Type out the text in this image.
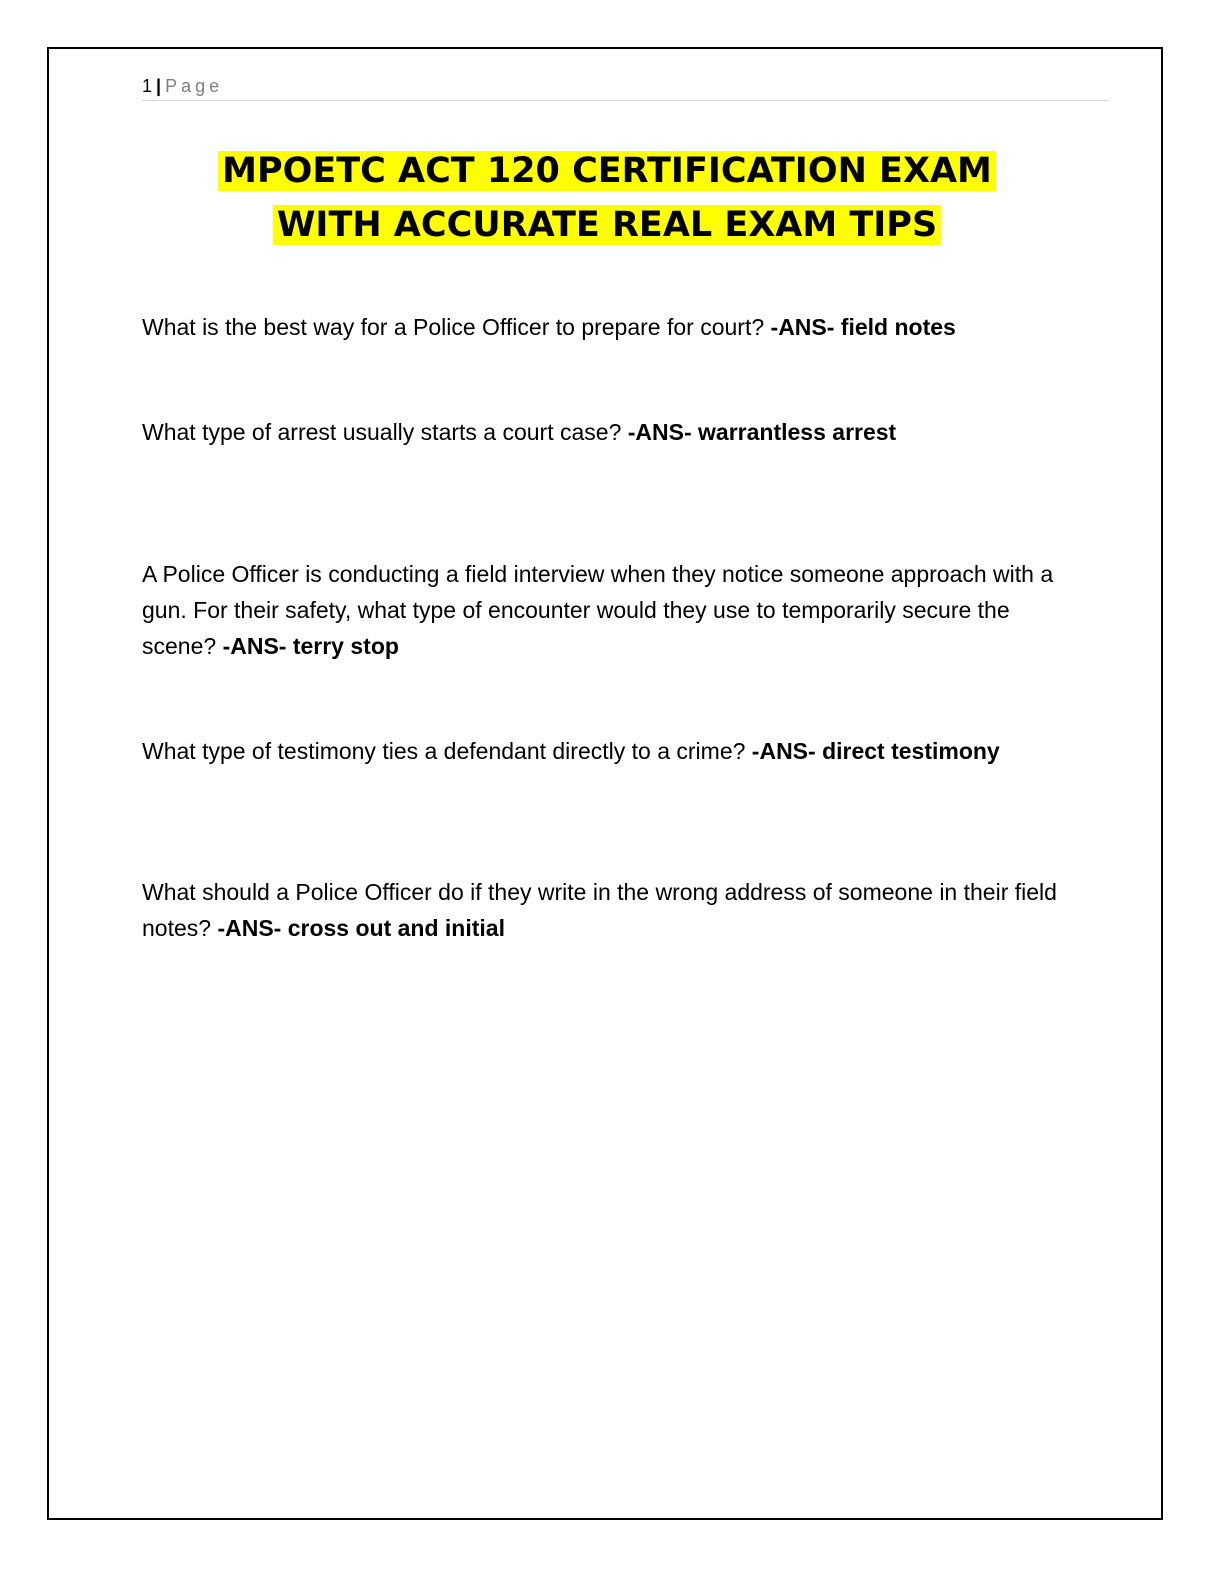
1 | Page
MPOETC ACT 120 CERTIFICATION EXAM
WITH ACCURATE REAL EXAM TIPS

What is the best way for a Police Officer to prepare for court? -ANS- field notes

What type of arrest usually starts a court case? -ANS- warrantless arrest

A Police Officer is conducting a field interview when they notice someone approach with a gun. For their safety, what type of encounter would they use to temporarily secure the scene? -ANS- terry stop

What type of testimony ties a defendant directly to a crime? -ANS- direct testimony

What should a Police Officer do if they write in the wrong address of someone in their field notes? -ANS- cross out and initial
